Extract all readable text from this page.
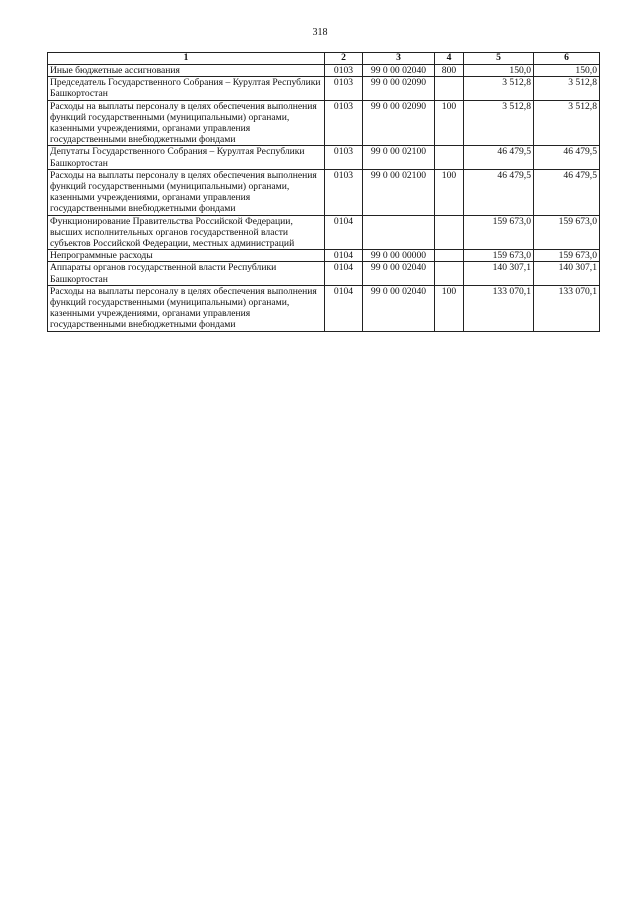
318
1	2	3	4	5	6
Иные бюджетные ассигнования	0103	99 0 00 02040	800	150,0	150,0
Председатель Государственного Собрания – Курултая Республики Башкортостан	0103	99 0 00 02090		3 512,8	3 512,8
Расходы на выплаты персоналу в целях обеспечения выполнения функций государственными (муниципальными) органами, казенными учреждениями, органами управления государственными внебюджетными фондами	0103	99 0 00 02090	100	3 512,8	3 512,8
Депутаты Государственного Собрания – Курултая Республики Башкортостан	0103	99 0 00 02100		46 479,5	46 479,5
Расходы на выплаты персоналу в целях обеспечения выполнения функций государственными (муниципальными) органами, казенными учреждениями, органами управления государственными внебюджетными фондами	0103	99 0 00 02100	100	46 479,5	46 479,5
Функционирование Правительства Российской Федерации, высших исполнительных органов государственной власти субъектов Российской Федерации, местных администраций	0104			159 673,0	159 673,0
Непрограммные расходы	0104	99 0 00 00000		159 673,0	159 673,0
Аппараты органов государственной власти Республики Башкортостан	0104	99 0 00 02040		140 307,1	140 307,1
Расходы на выплаты персоналу в целях обеспечения выполнения функций государственными (муниципальными) органами, казенными учреждениями, органами управления государственными внебюджетными фондами	0104	99 0 00 02040	100	133 070,1	133 070,1
